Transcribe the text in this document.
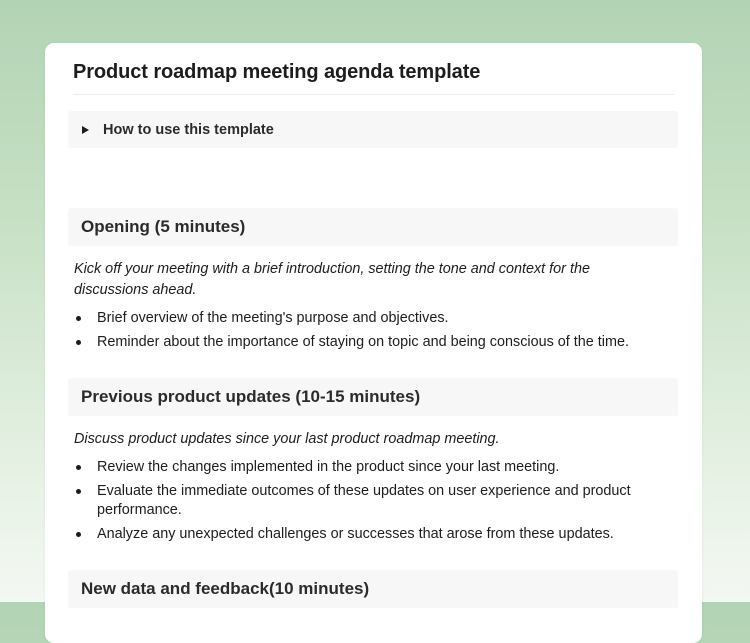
Product roadmap meeting agenda template
How to use this template
Opening (5 minutes)

Kick off your meeting with a brief introduction, setting the tone and context for the discussions ahead.

Brief overview of the meeting's purpose and objectives.
Reminder about the importance of staying on topic and being conscious of the time.
Previous product updates (10-15 minutes)

Discuss product updates since your last product roadmap meeting.

Review the changes implemented in the product since your last meeting.
Evaluate the immediate outcomes of these updates on user experience and product performance.
Analyze any unexpected challenges or successes that arose from these updates.
New data and feedback(10 minutes)
